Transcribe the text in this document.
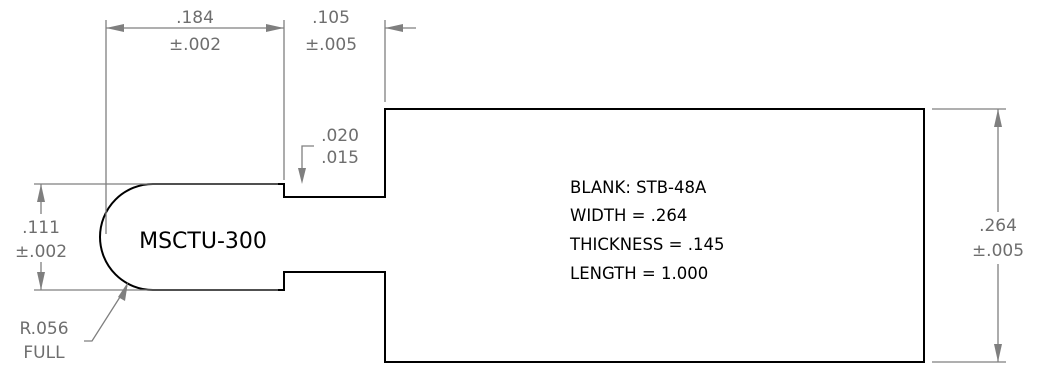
.184
±.002
.105
±.005
.020
.015
.111
±.002
.264
±.005
R.056
FULL
MSCTU-300
BLANK: STB-48A
WIDTH = .264
THICKNESS = .145
LENGTH = 1.000
